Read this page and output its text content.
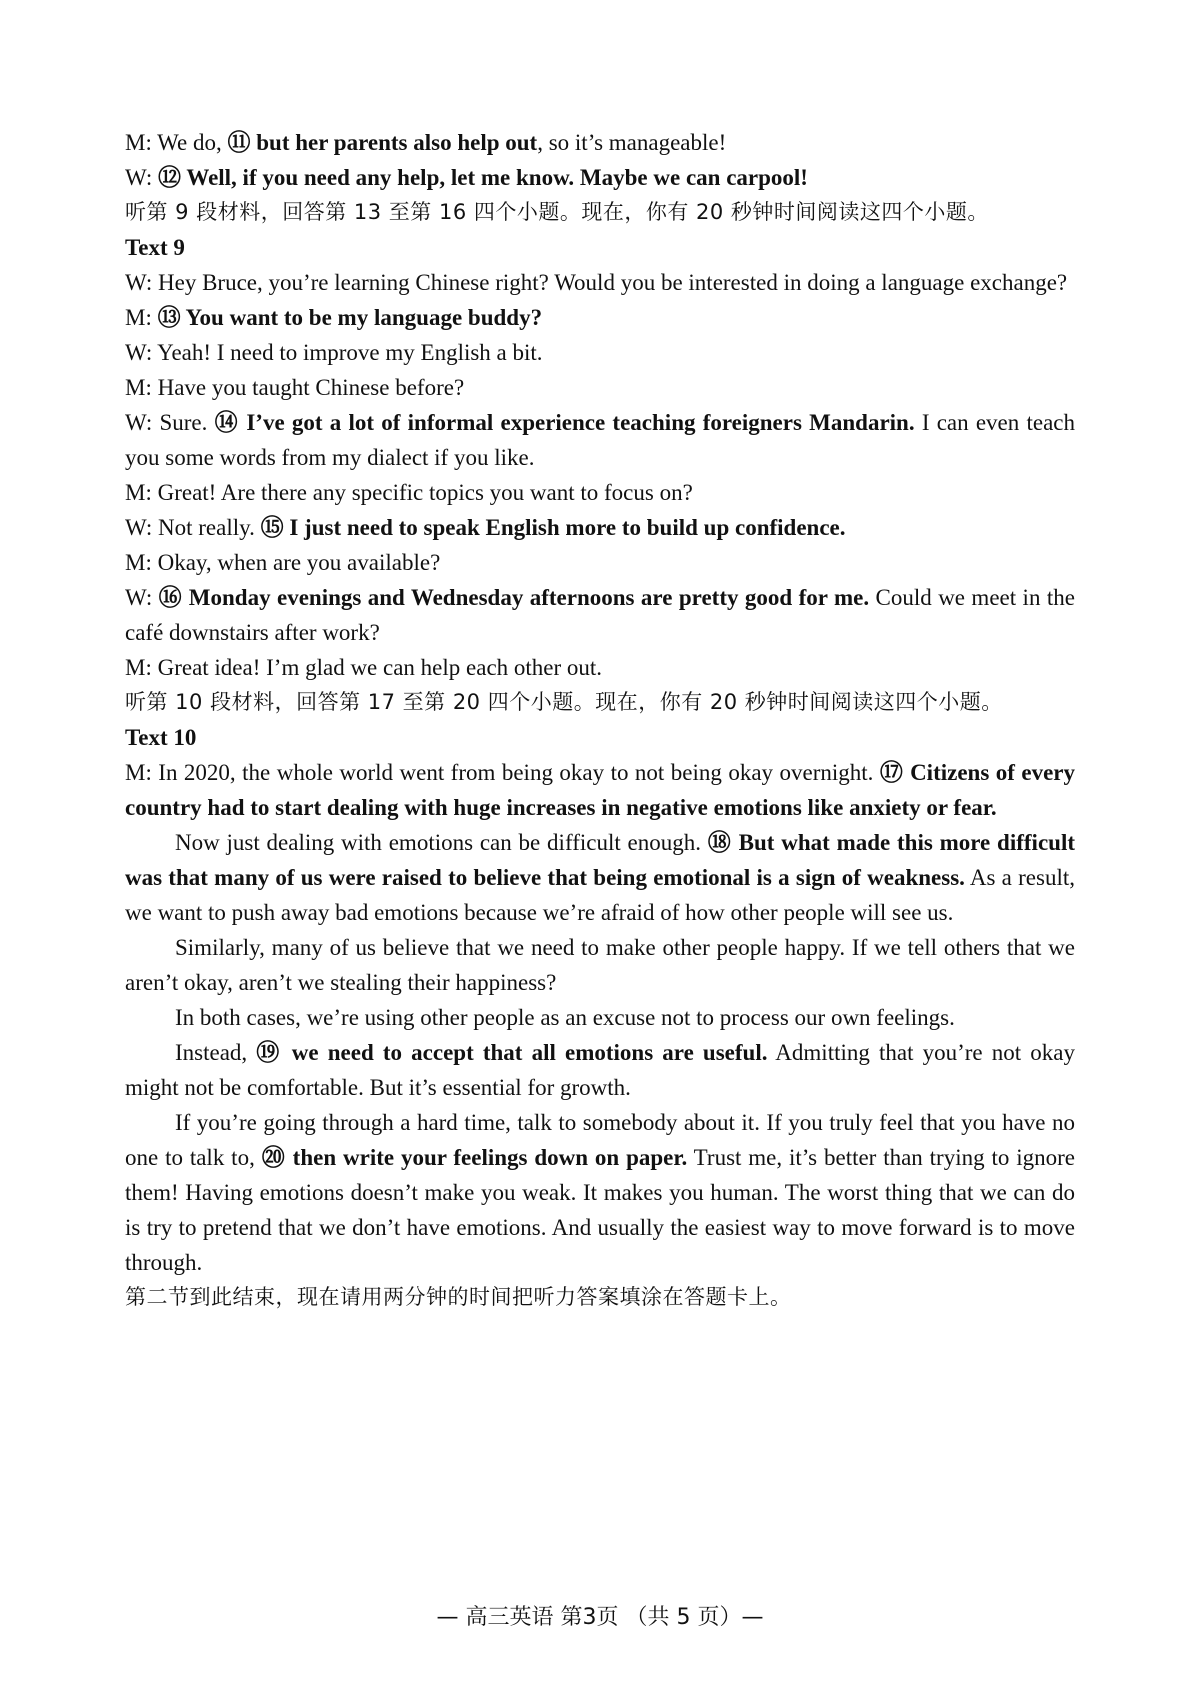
M: We do, ⑪ but her parents also help out, so it’s manageable!

W: ⑫ Well, if you need any help, let me know. Maybe we can carpool!

听第 9 段材料，回答第 13 至第 16 四个小题。现在，你有 20 秒钟时间阅读这四个小题。

Text 9

W: Hey Bruce, you’re learning Chinese right? Would you be interested in doing a language exchange?

M: ⑬ You want to be my language buddy?

W: Yeah! I need to improve my English a bit.

M: Have you taught Chinese before?

W: Sure. ⑭ I’ve got a lot of informal experience teaching foreigners Mandarin. I can even teach you some words from my dialect if you like.

M: Great! Are there any specific topics you want to focus on?

W: Not really. ⑮ I just need to speak English more to build up confidence.

M: Okay, when are you available?

W: ⑯ Monday evenings and Wednesday afternoons are pretty good for me. Could we meet in the café downstairs after work?

M: Great idea! I’m glad we can help each other out.

听第 10 段材料，回答第 17 至第 20 四个小题。现在，你有 20 秒钟时间阅读这四个小题。

Text 10

M: In 2020, the whole world went from being okay to not being okay overnight. ⑰ Citizens of every country had to start dealing with huge increases in negative emotions like anxiety or fear.

Now just dealing with emotions can be difficult enough. ⑱ But what made this more difficult was that many of us were raised to believe that being emotional is a sign of weakness. As a result, we want to push away bad emotions because we’re afraid of how other people will see us.

Similarly, many of us believe that we need to make other people happy. If we tell others that we aren’t okay, aren’t we stealing their happiness?

In both cases, we’re using other people as an excuse not to process our own feelings.

Instead, ⑲ we need to accept that all emotions are useful. Admitting that you’re not okay might not be comfortable. But it’s essential for growth.

If you’re going through a hard time, talk to somebody about it. If you truly feel that you have no one to talk to, ⑳ then write your feelings down on paper. Trust me, it’s better than trying to ignore them! Having emotions doesn’t make you weak. It makes you human. The worst thing that we can do is try to pretend that we don’t have emotions. And usually the easiest way to move forward is to move through.

第二节到此结束，现在请用两分钟的时间把听力答案填涂在答题卡上。

— 高三英语 第3页 （共 5 页）—
